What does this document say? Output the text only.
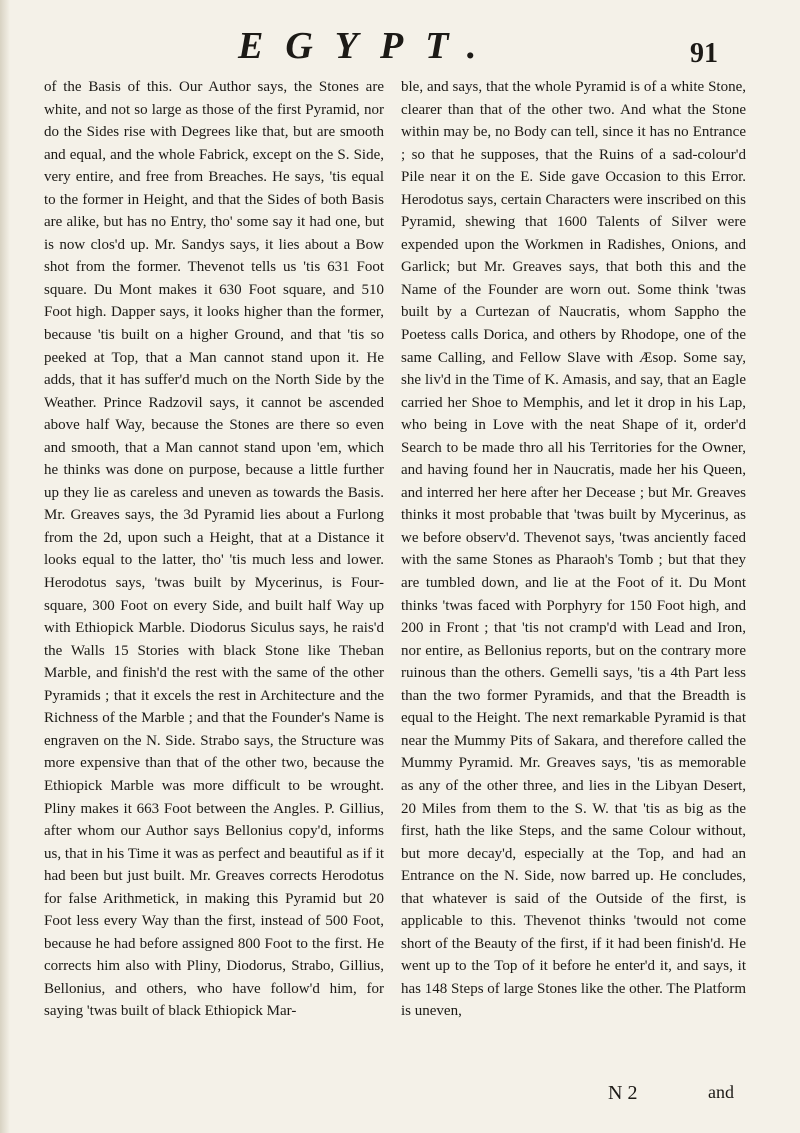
EGYPT.	91

of the Basis of this. Our Author says, the Stones are white, and not so large as those of the first Pyramid, nor do the Sides rise with Degrees like that, but are smooth and equal, and the whole Fabrick, except on the S. Side, very entire, and free from Breaches. He says, 'tis equal to the former in Height, and that the Sides of both Basis are alike, but has no Entry, tho' some say it had one, but is now clos'd up. Mr. Sandys says, it lies about a Bow shot from the former. Thevenot tells us 'tis 631 Foot square. Du Mont makes it 630 Foot square, and 510 Foot high. Dapper says, it looks higher than the former, because 'tis built on a higher Ground, and that 'tis so peeked at Top, that a Man cannot stand upon it. He adds, that it has suffer'd much on the North Side by the Weather. Prince Radzovil says, it cannot be ascended above half Way, because the Stones are there so even and smooth, that a Man cannot stand upon 'em, which he thinks was done on purpose, because a little further up they lie as careless and uneven as towards the Basis. Mr. Greaves says, the 3d Pyramid lies about a Furlong from the 2d, upon such a Height, that at a Distance it looks equal to the latter, tho' 'tis much less and lower. Herodotus says, 'twas built by Mycerinus, is Four-square, 300 Foot on every Side, and built half Way up with Ethiopick Marble. Diodorus Siculus says, he rais'd the Walls 15 Stories with black Stone like Theban Marble, and finish'd the rest with the same of the other Pyramids ; that it excels the rest in Architecture and the Richness of the Marble ; and that the Founder's Name is engraven on the N. Side. Strabo says, the Structure was more expensive than that of the other two, because the Ethiopick Marble was more difficult to be wrought. Pliny makes it 663 Foot between the Angles. P. Gillius, after whom our Author says Bellonius copy'd, informs us, that in his Time it was as perfect and beautiful as if it had been but just built. Mr. Greaves corrects Herodotus for false Arithmetick, in making this Pyramid but 20 Foot less every Way than the first, instead of 500 Foot, because he had before assigned 800 Foot to the first. He corrects him also with Pliny, Diodorus, Strabo, Gillius, Bellonius, and others, who have follow'd him, for saying 'twas built of black Ethiopick Mar-

ble, and says, that the whole Pyramid is of a white Stone, clearer than that of the other two. And what the Stone within may be, no Body can tell, since it has no Entrance ; so that he supposes, that the Ruins of a sad-colour'd Pile near it on the E. Side gave Occasion to this Error. Herodotus says, certain Characters were inscribed on this Pyramid, shewing that 1600 Talents of Silver were expended upon the Workmen in Radishes, Onions, and Garlick; but Mr. Greaves says, that both this and the Name of the Founder are worn out. Some think 'twas built by a Curtezan of Naucratis, whom Sappho the Poetess calls Dorica, and others by Rhodope, one of the same Calling, and Fellow Slave with Æsop. Some say, she liv'd in the Time of K. Amasis, and say, that an Eagle carried her Shoe to Memphis, and let it drop in his Lap, who being in Love with the neat Shape of it, order'd Search to be made thro all his Territories for the Owner, and having found her in Naucratis, made her his Queen, and interred her here after her Decease ; but Mr. Greaves thinks it most probable that 'twas built by Mycerinus, as we before observ'd. Thevenot says, 'twas anciently faced with the same Stones as Pharaoh's Tomb ; but that they are tumbled down, and lie at the Foot of it. Du Mont thinks 'twas faced with Porphyry for 150 Foot high, and 200 in Front ; that 'tis not cramp'd with Lead and Iron, nor entire, as Bellonius reports, but on the contrary more ruinous than the others. Gemelli says, 'tis a 4th Part less than the two former Pyramids, and that the Breadth is equal to the Height. The next remarkable Pyramid is that near the Mummy Pits of Sakara, and therefore called the Mummy Pyramid. Mr. Greaves says, 'tis as memorable as any of the other three, and lies in the Libyan Desert, 20 Miles from them to the S. W. that 'tis as big as the first, hath the like Steps, and the same Colour without, but more decay'd, especially at the Top, and had an Entrance on the N. Side, now barred up. He concludes, that whatever is said of the Outside of the first, is applicable to this. Thevenot thinks 'twould not come short of the Beauty of the first, if it had been finish'd. He went up to the Top of it before he enter'd it, and says, it has 148 Steps of large Stones like the other. The Platform is uneven,

N 2	and
